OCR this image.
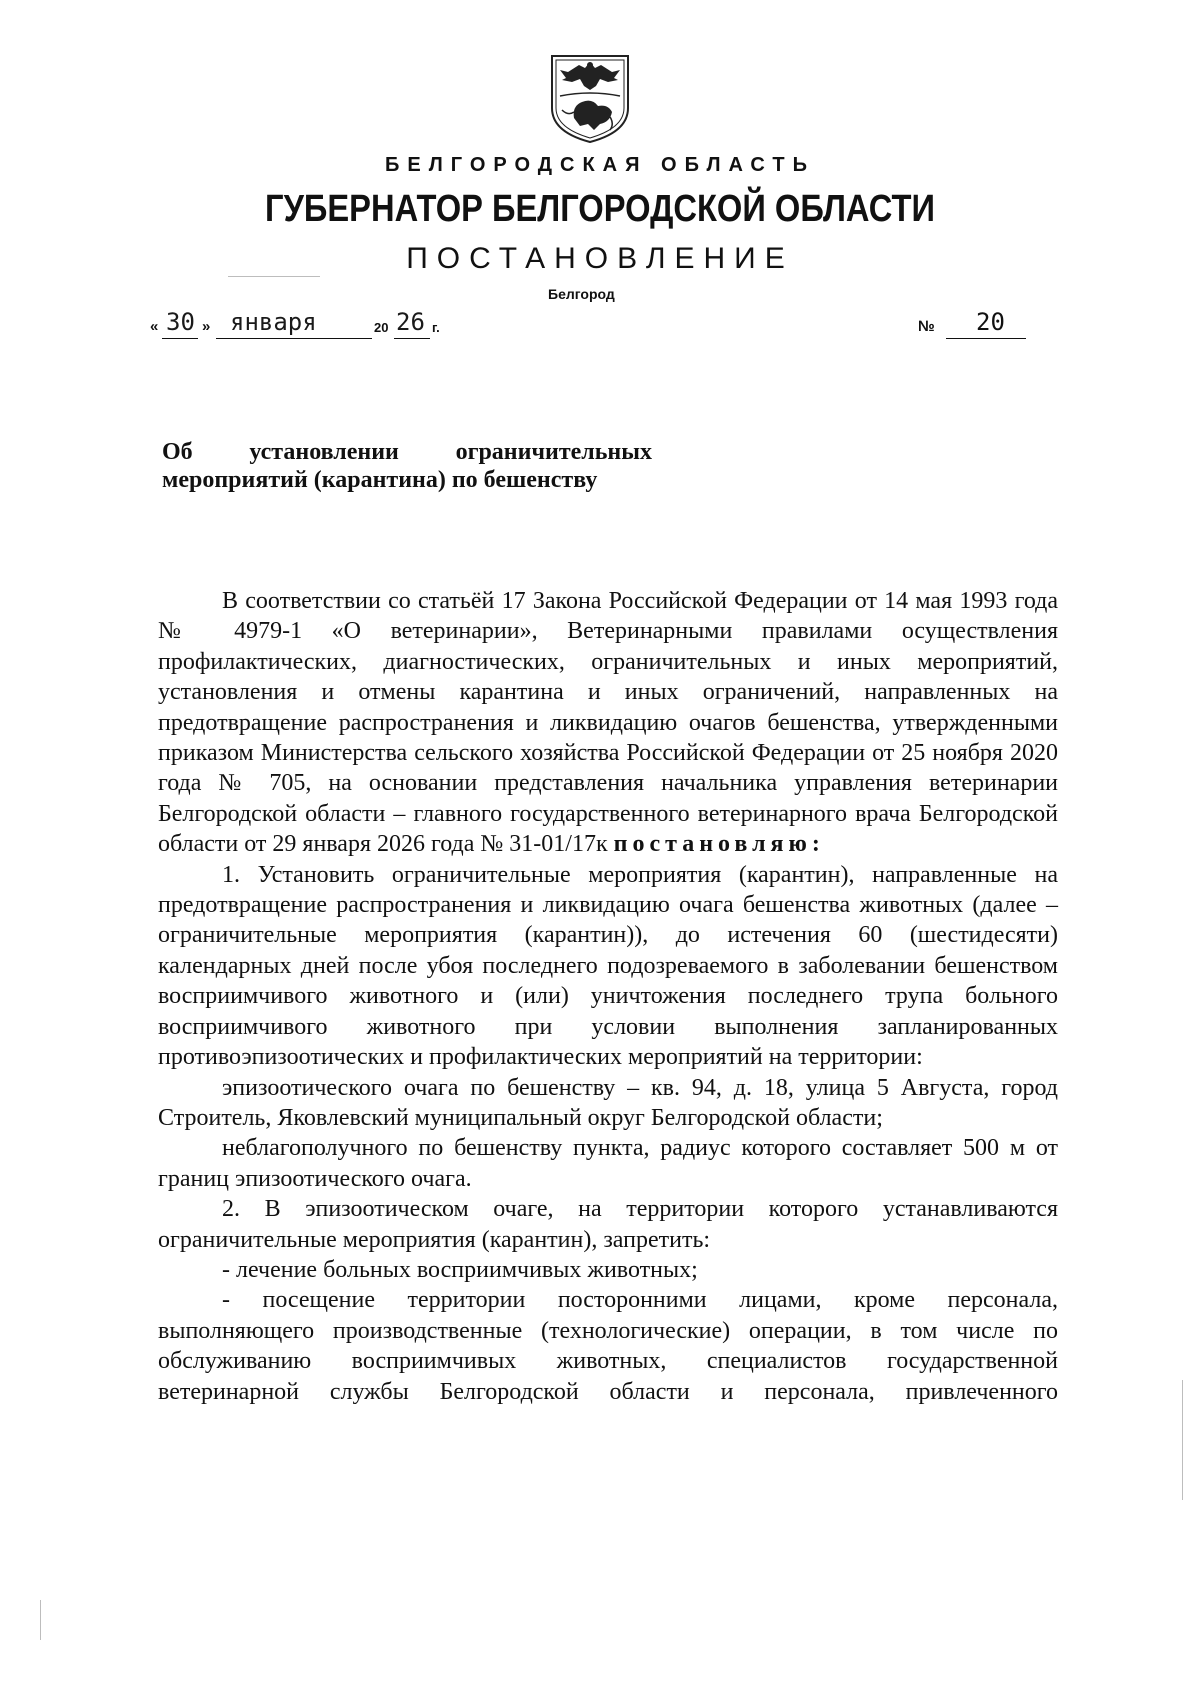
БЕЛГОРОДСКАЯ ОБЛАСТЬ
ГУБЕРНАТОР БЕЛГОРОДСКОЙ ОБЛАСТИ
ПОСТАНОВЛЕНИЕ
Белгород
« 30 » января	20 26 г.	№ 20
Об установлении ограничительных
мероприятий (карантина) по бешенству

В соответствии со статьёй 17 Закона Российской Федерации от 14 мая 1993 года № 4979-1 «О ветеринарии», Ветеринарными правилами осуществления профилактических, диагностических, ограничительных и иных мероприятий, установления и отмены карантина и иных ограничений, направленных на предотвращение распространения и ликвидацию очагов бешенства, утвержденными приказом Министерства сельского хозяйства Российской Федерации от 25 ноября 2020 года № 705, на основании представления начальника управления ветеринарии Белгородской области – главного государственного ветеринарного врача Белгородской области от 29 января 2026 года № 31-01/17к постановляю:

1. Установить ограничительные мероприятия (карантин), направленные на предотвращение распространения и ликвидацию очага бешенства животных (далее – ограничительные мероприятия (карантин)), до истечения 60 (шестидесяти) календарных дней после убоя последнего подозреваемого в заболевании бешенством восприимчивого животного и (или) уничтожения последнего трупа больного восприимчивого животного при условии выполнения запланированных противоэпизоотических и профилактических мероприятий на территории:

эпизоотического очага по бешенству – кв. 94, д. 18, улица 5 Августа, город Строитель, Яковлевский муниципальный округ Белгородской области;

неблагополучного по бешенству пункта, радиус которого составляет 500 м от границ эпизоотического очага.

2. В эпизоотическом очаге, на территории которого устанавливаются ограничительные мероприятия (карантин), запретить:

- лечение больных восприимчивых животных;

- посещение территории посторонними лицами, кроме персонала, выполняющего производственные (технологические) операции, в том числе по обслуживанию восприимчивых животных, специалистов государственной ветеринарной службы Белгородской области и персонала, привлеченного
